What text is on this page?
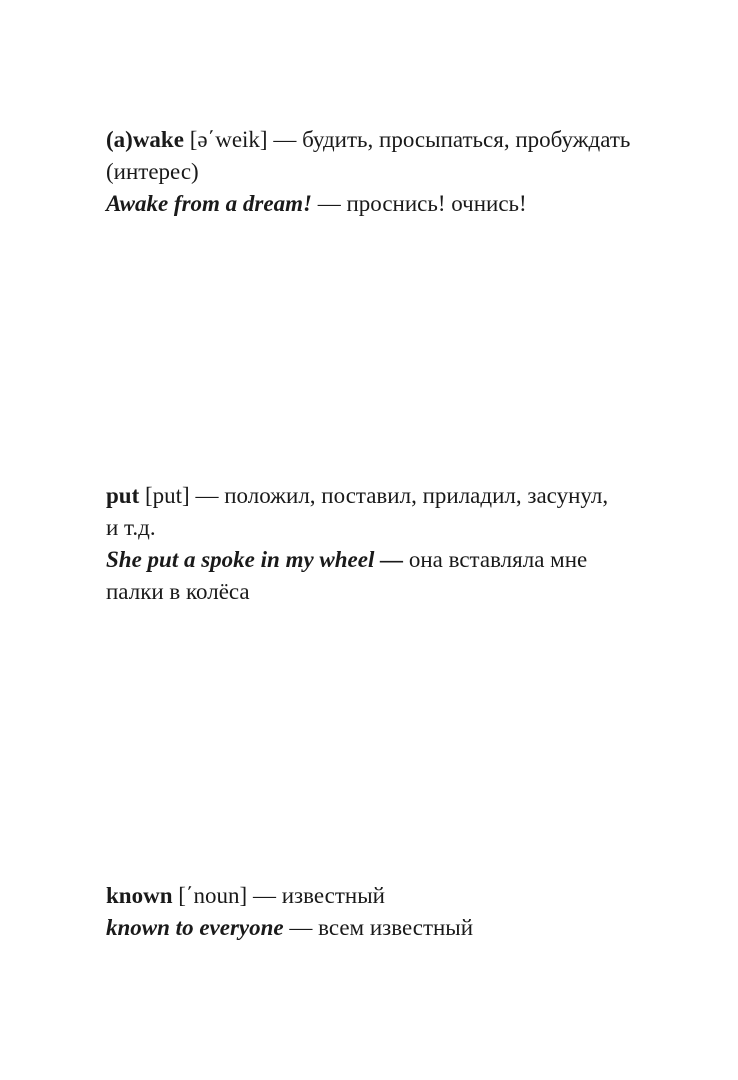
(a)wake [ə΄weik] — будить, просыпаться, пробуждать
(интерес)
Awake from a dream! — проснись! очнись!
put [put] — положил, поставил, приладил, засунул,
и т.д.
She put a spoke in my wheel — она вставляла мне
палки в колёса
known [΄noun] — известный
known to everyone — всем известный
